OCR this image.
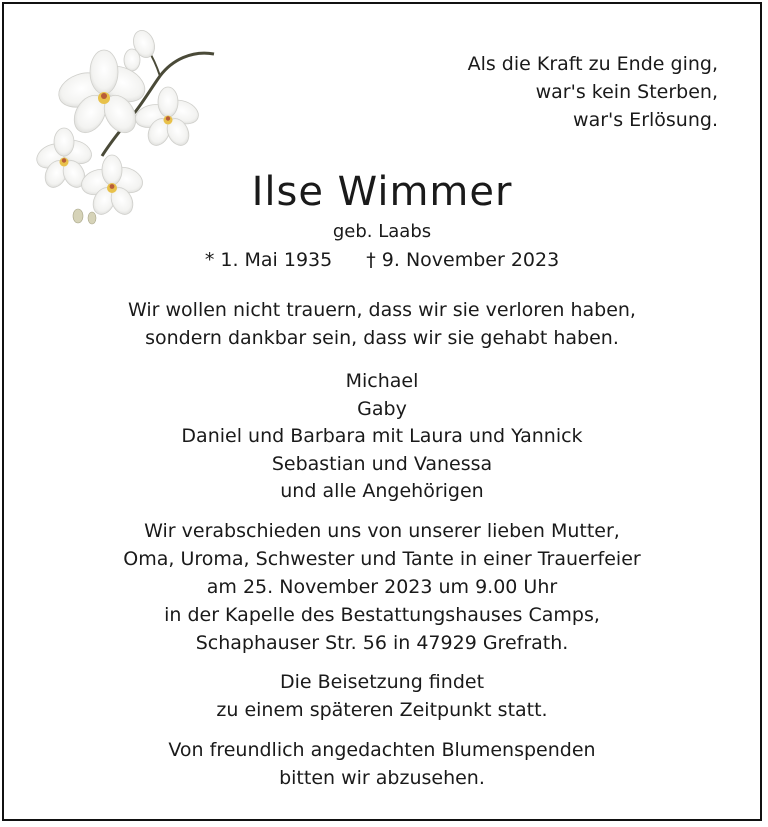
Als die Kraft zu Ende ging,
war's kein Sterben,
war's Erlösung.
Ilse Wimmer
geb. Laabs
* 1. Mai 1935 † 9. November 2023
Wir wollen nicht trauern, dass wir sie verloren haben,
sondern dankbar sein, dass wir sie gehabt haben.
Michael
Gaby
Daniel und Barbara mit Laura und Yannick
Sebastian und Vanessa
und alle Angehörigen
Wir verabschieden uns von unserer lieben Mutter,
Oma, Uroma, Schwester und Tante in einer Trauerfeier
am 25. November 2023 um 9.00 Uhr
in der Kapelle des Bestattungshauses Camps,
Schaphauser Str. 56 in 47929 Grefrath.
Die Beisetzung findet
zu einem späteren Zeitpunkt statt.
Von freundlich angedachten Blumenspenden
bitten wir abzusehen.
